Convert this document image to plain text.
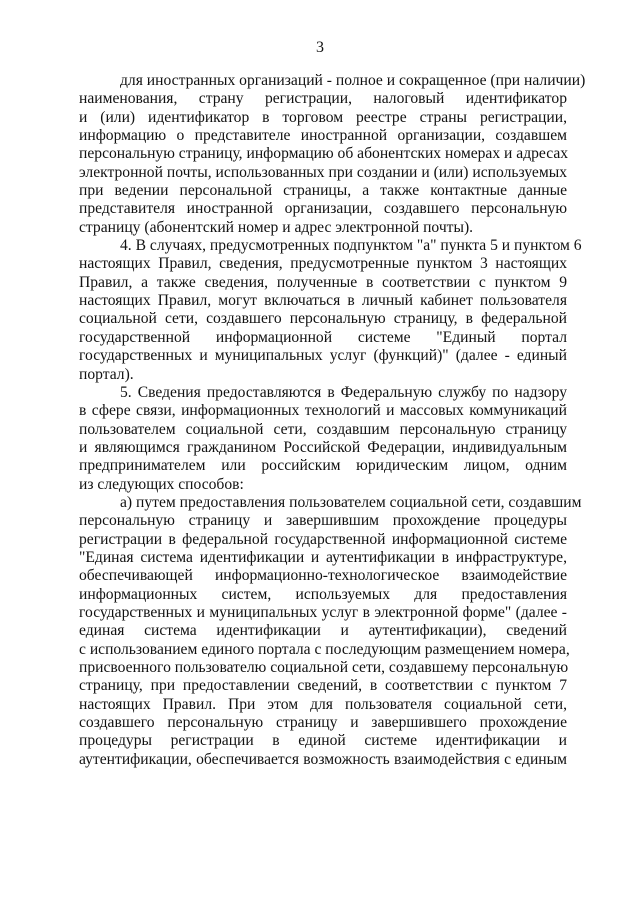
3
для иностранных организаций - полное и сокращенное (при наличии)
наименования, страну регистрации, налоговый идентификатор
и (или) идентификатор в торговом реестре страны регистрации,
информацию о представителе иностранной организации, создавшем
персональную страницу, информацию об абонентских номерах и адресах
электронной почты, использованных при создании и (или) используемых
при ведении персональной страницы, а также контактные данные
представителя иностранной организации, создавшего персональную
страницу (абонентский номер и адрес электронной почты).
4. В случаях, предусмотренных подпунктом "а" пункта 5 и пунктом 6
настоящих Правил, сведения, предусмотренные пунктом 3 настоящих
Правил, а также сведения, полученные в соответствии с пунктом 9
настоящих Правил, могут включаться в личный кабинет пользователя
социальной сети, создавшего персональную страницу, в федеральной
государственной информационной системе "Единый портал
государственных и муниципальных услуг (функций)" (далее - единый
портал).
5. Сведения предоставляются в Федеральную службу по надзору
в сфере связи, информационных технологий и массовых коммуникаций
пользователем социальной сети, создавшим персональную страницу
и являющимся гражданином Российской Федерации, индивидуальным
предпринимателем или российским юридическим лицом, одним
из следующих способов:
а) путем предоставления пользователем социальной сети, создавшим
персональную страницу и завершившим прохождение процедуры
регистрации в федеральной государственной информационной системе
"Единая система идентификации и аутентификации в инфраструктуре,
обеспечивающей информационно-технологическое взаимодействие
информационных систем, используемых для предоставления
государственных и муниципальных услуг в электронной форме" (далее -
единая система идентификации и аутентификации), сведений
с использованием единого портала с последующим размещением номера,
присвоенного пользователю социальной сети, создавшему персональную
страницу, при предоставлении сведений, в соответствии с пунктом 7
настоящих Правил. При этом для пользователя социальной сети,
создавшего персональную страницу и завершившего прохождение
процедуры регистрации в единой системе идентификации и
аутентификации, обеспечивается возможность взаимодействия с единым
